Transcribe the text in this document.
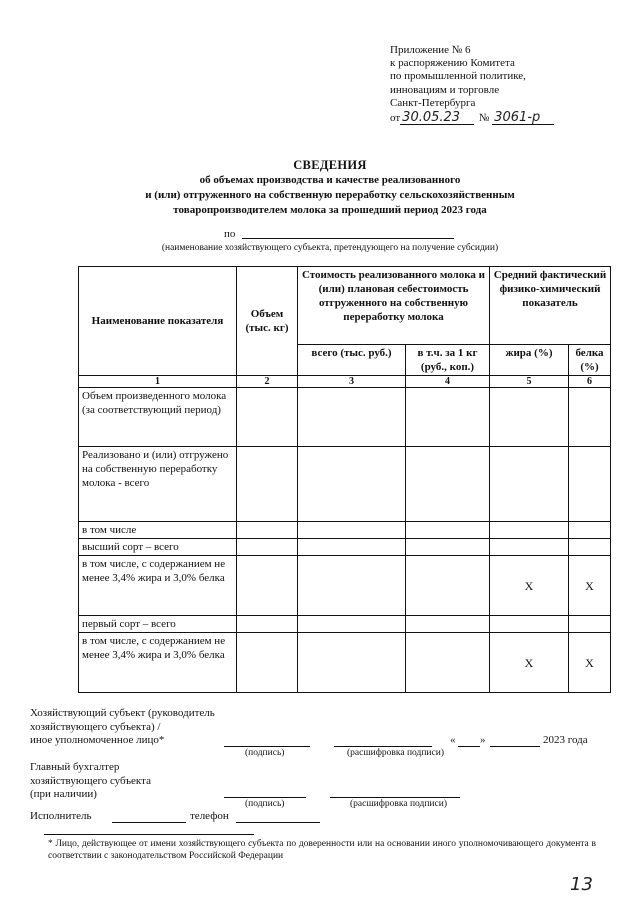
Приложение № 6
к распоряжению Комитета
по промышленной политике,
инновациям и торговле
Санкт-Петербурга
от 30.05.23 № 3061-р
СВЕДЕНИЯ
об объемах производства и качестве реализованного
и (или) отгруженного на собственную переработку сельскохозяйственным
товаропроизводителем молока за прошедший период 2023 года
по
(наименование хозяйствующего субъекта, претендующего на получение субсидии)
Наименование показателя	Объем (тыс. кг)	Стоимость реализованного молока и (или) плановая себестоимость отгруженного на собственную переработку молока		Средний фактический физико-химический показатель	
		всего (тыс. руб.)	в т.ч. за 1 кг (руб., коп.)	жира (%)	белка (%)
1	2	3	4	5	6
Объем произведенного молока (за соответствующий период)					
Реализовано и (или) отгружено на собственную переработку молока - всего					
в том числе					
высший сорт – всего					
в том числе, с содержанием не менее 3,4% жира и 3,0% белка				X	X
первый сорт – всего					
в том числе, с содержанием не менее 3,4% жира и 3,0% белка				X	X
Хозяйствующий субъект (руководитель
хозяйствующего субъекта) /
иное уполномоченное лицо*	« »	2023 года
(подпись)	(расшифровка подписи)
Главный бухгалтер
хозяйствующего субъекта
(при наличии)
(подпись)	(расшифровка подписи)
Исполнитель	телефон
* Лицо, действующее от имени хозяйствующего субъекта по доверенности или на основании иного уполномочивающего документа в соответствии с законодательством Российской Федерации
13
